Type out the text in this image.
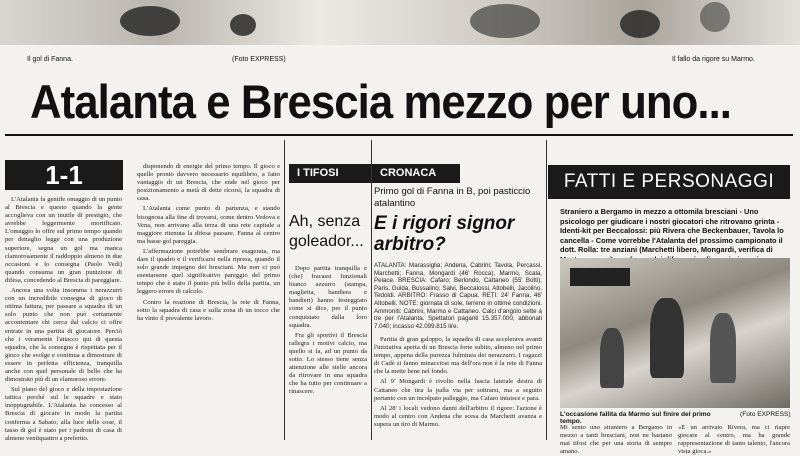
Il gol di Fanna.	(Foto EXPRESS)	Il fallo da rigore su Marmo.
Atalanta e Brescia mezzo per uno...
1-1

L'Atalanta fa gentile omaggio di un punto al Brescia e questo quando la gente accoglieva con un inutile di prestigio, che avrebbe leggermente mortificato. L'omaggio lo offre sul primo tempo quando per dettaglio legge con una produzione superiore, segna un gol ma manca clamorosamente il raddoppio almeno in due occasioni e lo consegna (Paolo Vedi) quando consuma un gran punizione di difesa, concedendo al Brescia di pareggiare.

Ancora una volta insomma i nerazzurri con un incredibile consegna di gioco di ottima fattura, per passare a squadra di un solo punto che non può certamente accontentare chi cerca dal calcio ci offre entrate in una partita di giocatore. Perciò che i veramente l'attacco qui di questa squadra, che la consegna è rispettata per il gioco che svolge e continua a dimostrare di essere in perfetta efficienza, tranquilla anche con quel personale di bello che ha dimostrato più di un clamoroso errore.

Sul piano del gioco e della impostazione tattica perché sul le squadre e stato inoppugnabile. L'Atalanta ha concesso al Brescia di giocare in modo la partita conferma a Sabato; alla luce delle cose, il tasso di gol è stato per i padroni di casa di almeno ventiquattro a preferito.

disponendo di energie del primo tempo. Il gioco e quello pronto davvero necessario equilibrio, a fatto vantaggio di un Brescia, che ende nel gioco per posizionamento a metà di dette ricorsi, la squadra di casa.

L'Atalanta come punto di partenza, e stando bisognosa alla fine di trovarsi, come dentro Vedova e Vena, non arrivano alla terza di una rete capitale a maggiore ritenuta la difesa passare. Fanna al centro ma basse gol pareggia.

L'affermazione potrebbe sembrare esagerata, ma dare il quadro e il verificarsi nella ripresa, quando il solo grande impegno dei bresciani. Ma non ci può esentarsene quel significativo pareggio del primo tempo che è stato il punto più bello della partita, un leggero errore di calcolo.

Contro la reazione di Brescia, la rete di Fanna, sotto la squadra di casa e sulla zona di un tocco che ha vinto il prevalente lavoro.

I TIFOSI
Ah, senza goleador...

Dopo partita tranquilla e (che) fracassi funzionali bianco azzurro (stampa, maglietta, bandiera e bandieri) hanno festeggiato come si dice, per il punto conquistato dalla loro squadra.

Fra gli sportivi il Brescia rallegra i motivi calcio, ma quello si fa, ad un punto da sotto. Lo stesso tiene senza attenzione alle stelle ancora da ritrovare in una squadra che ha tutto per continuare a rinascere.

CRONACA
Primo gol di Fanna in B, poi pasticcio atalantino
E i rigori signor arbitro?
ATALANTA: Marassiglia; Andena, Cabrini; Tavola, Percassi, Marchetti; Fanna, Mongardi (46' Rocca), Marmo, Scala, Pelace. BRESCIA: Cafaro; Berlondo, Cattaneo (55' Botti), Paris, Guida, Bussalino; Salvi, Beccalossi, Altobelli, Jacolino, Tedoldi. ARBITRO: Frasso di Capua. RETI: 24' Fanna, 46' Altobelli. NOTE: giornata di sole, terreno in ottime condizioni. Ammoniti: Cabrini, Marmo e Cattaneo. Calci d'angolo sette a tre per l'Atalanta. Spettatori paganti 15.357.000, abbonati 7.040; incasso 42.099.815 lire.

Partita di gran galoppo, la squadra di casa accelerava avanti l'iniziativa aperta di un Brescia forte subito, almeno nel primo tempo, appena della purezza fulminea dei nerazzurri. I ragazzi di Cadè si fanno minacciosi ma dell'ora non è la rete di Fanna che la mette bene nel fondo.

Al 9' Mongardi è rivolto nella fascia laterale destra di Cattaneo che tira la palla via per sottrarsi, ma a seguito pertanto con un incolpato palleggio, ma Cafaro intuisce e para.

Al 28' i locali vedono danni dell'arbitro il rigore: l'azione è modo al centro con Andena che scesa da Marchetti avanza e supera un tiro di Marmo.

FATTI E PERSONAGGI
Straniero a Bergamo in mezzo a ottomila bresciani - Uno psicologo per giudicare i nostri giocatori che ritrovano grinta - Identi-kit per Beccalossi: più Rivera che Beckenbauer, Tavola lo cancella - Come vorrebbe l'Atalanta del prossimo campionato il dott. Rolla: tre anziani (Marchetti libero, Mongardi, verifica di
L'occasione fallita da Marmo sul finire del primo tempo.
(Foto EXPRESS)
Mi sento uno straniero a Bergamo in mezzo a tanti bresciani, non ne bastano mai tifosi che per una storia di sempre amano.
«E un arrivato Rivera, ma ci riapre giocare al centro, ma ha grande rappresentazione di tanto talento, l'ancora vista gioca.»
